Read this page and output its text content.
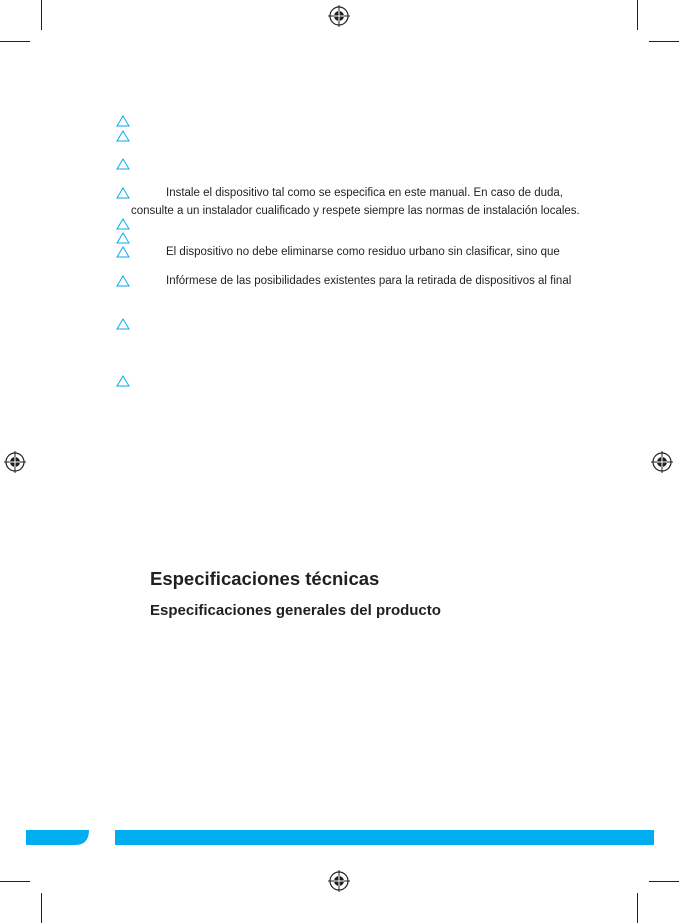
Instale el dispositivo tal como se especifica en este manual. En caso de duda,
consulte a un instalador cualificado y respete siempre las normas de instalación locales.
El dispositivo no debe eliminarse como residuo urbano sin clasificar, sino que
Infórmese de las posibilidades existentes para la retirada de dispositivos al final
Especificaciones técnicas
Especificaciones generales del producto
